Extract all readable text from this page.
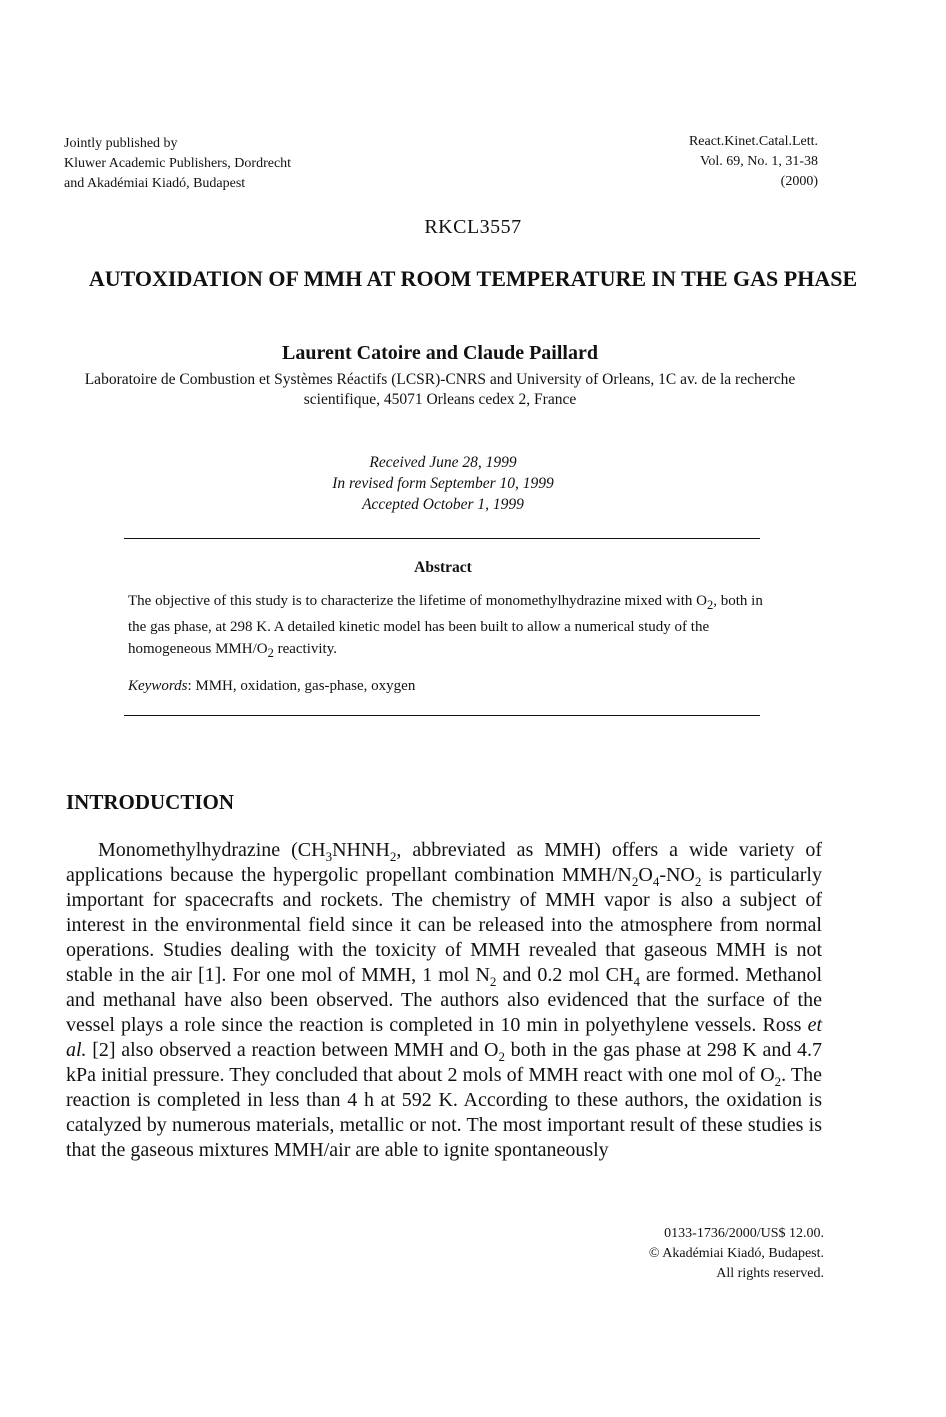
Jointly published by
Kluwer Academic Publishers, Dordrecht
and Akadémiai Kiadó, Budapest
React.Kinet.Catal.Lett.
Vol. 69, No. 1, 31-38
(2000)
RKCL3557
AUTOXIDATION OF MMH AT ROOM TEMPERATURE IN THE GAS PHASE
Laurent Catoire and Claude Paillard
Laboratoire de Combustion et Systèmes Réactifs (LCSR)-CNRS and University of Orleans, 1C av. de la recherche scientifique, 45071 Orleans cedex 2, France
Received June 28, 1999
In revised form September 10, 1999
Accepted October 1, 1999
Abstract
The objective of this study is to characterize the lifetime of monomethylhydrazine mixed with $O_2$, both in the gas phase, at 298 K. A detailed kinetic model has been built to allow a numerical study of the homogeneous MMH/$O_2$ reactivity.
Keywords: MMH, oxidation, gas-phase, oxygen
INTRODUCTION
Monomethylhydrazine ($CH_3NHNH_2$, abbreviated as MMH) offers a wide variety of applications because the hypergolic propellant combination MMH/$N_2O_4-NO_2$ is particularly important for spacecrafts and rockets. The chemistry of MMH vapor is also a subject of interest in the environmental field since it can be released into the atmosphere from normal operations. Studies dealing with the toxicity of MMH revealed that gaseous MMH is not stable in the air [1]. For one mol of MMH, 1 mol $N_2$ and 0.2 mol $CH_4$ are formed. Methanol and methanal have also been observed. The authors also evidenced that the surface of the vessel plays a role since the reaction is completed in 10 min in polyethylene vessels. Ross et al. [2] also observed a reaction between MMH and $O_2$ both in the gas phase at 298 K and 4.7 kPa initial pressure. They concluded that about 2 mols of MMH react with one mol of $O_2$. The reaction is completed in less than 4 h at 592 K. According to these authors, the oxidation is catalyzed by numerous materials, metallic or not. The most important result of these studies is that the gaseous mixtures MMH/air are able to ignite spontaneously
0133-1736/2000/US$ 12.00.
© Akadémiai Kiadó, Budapest.
All rights reserved.
